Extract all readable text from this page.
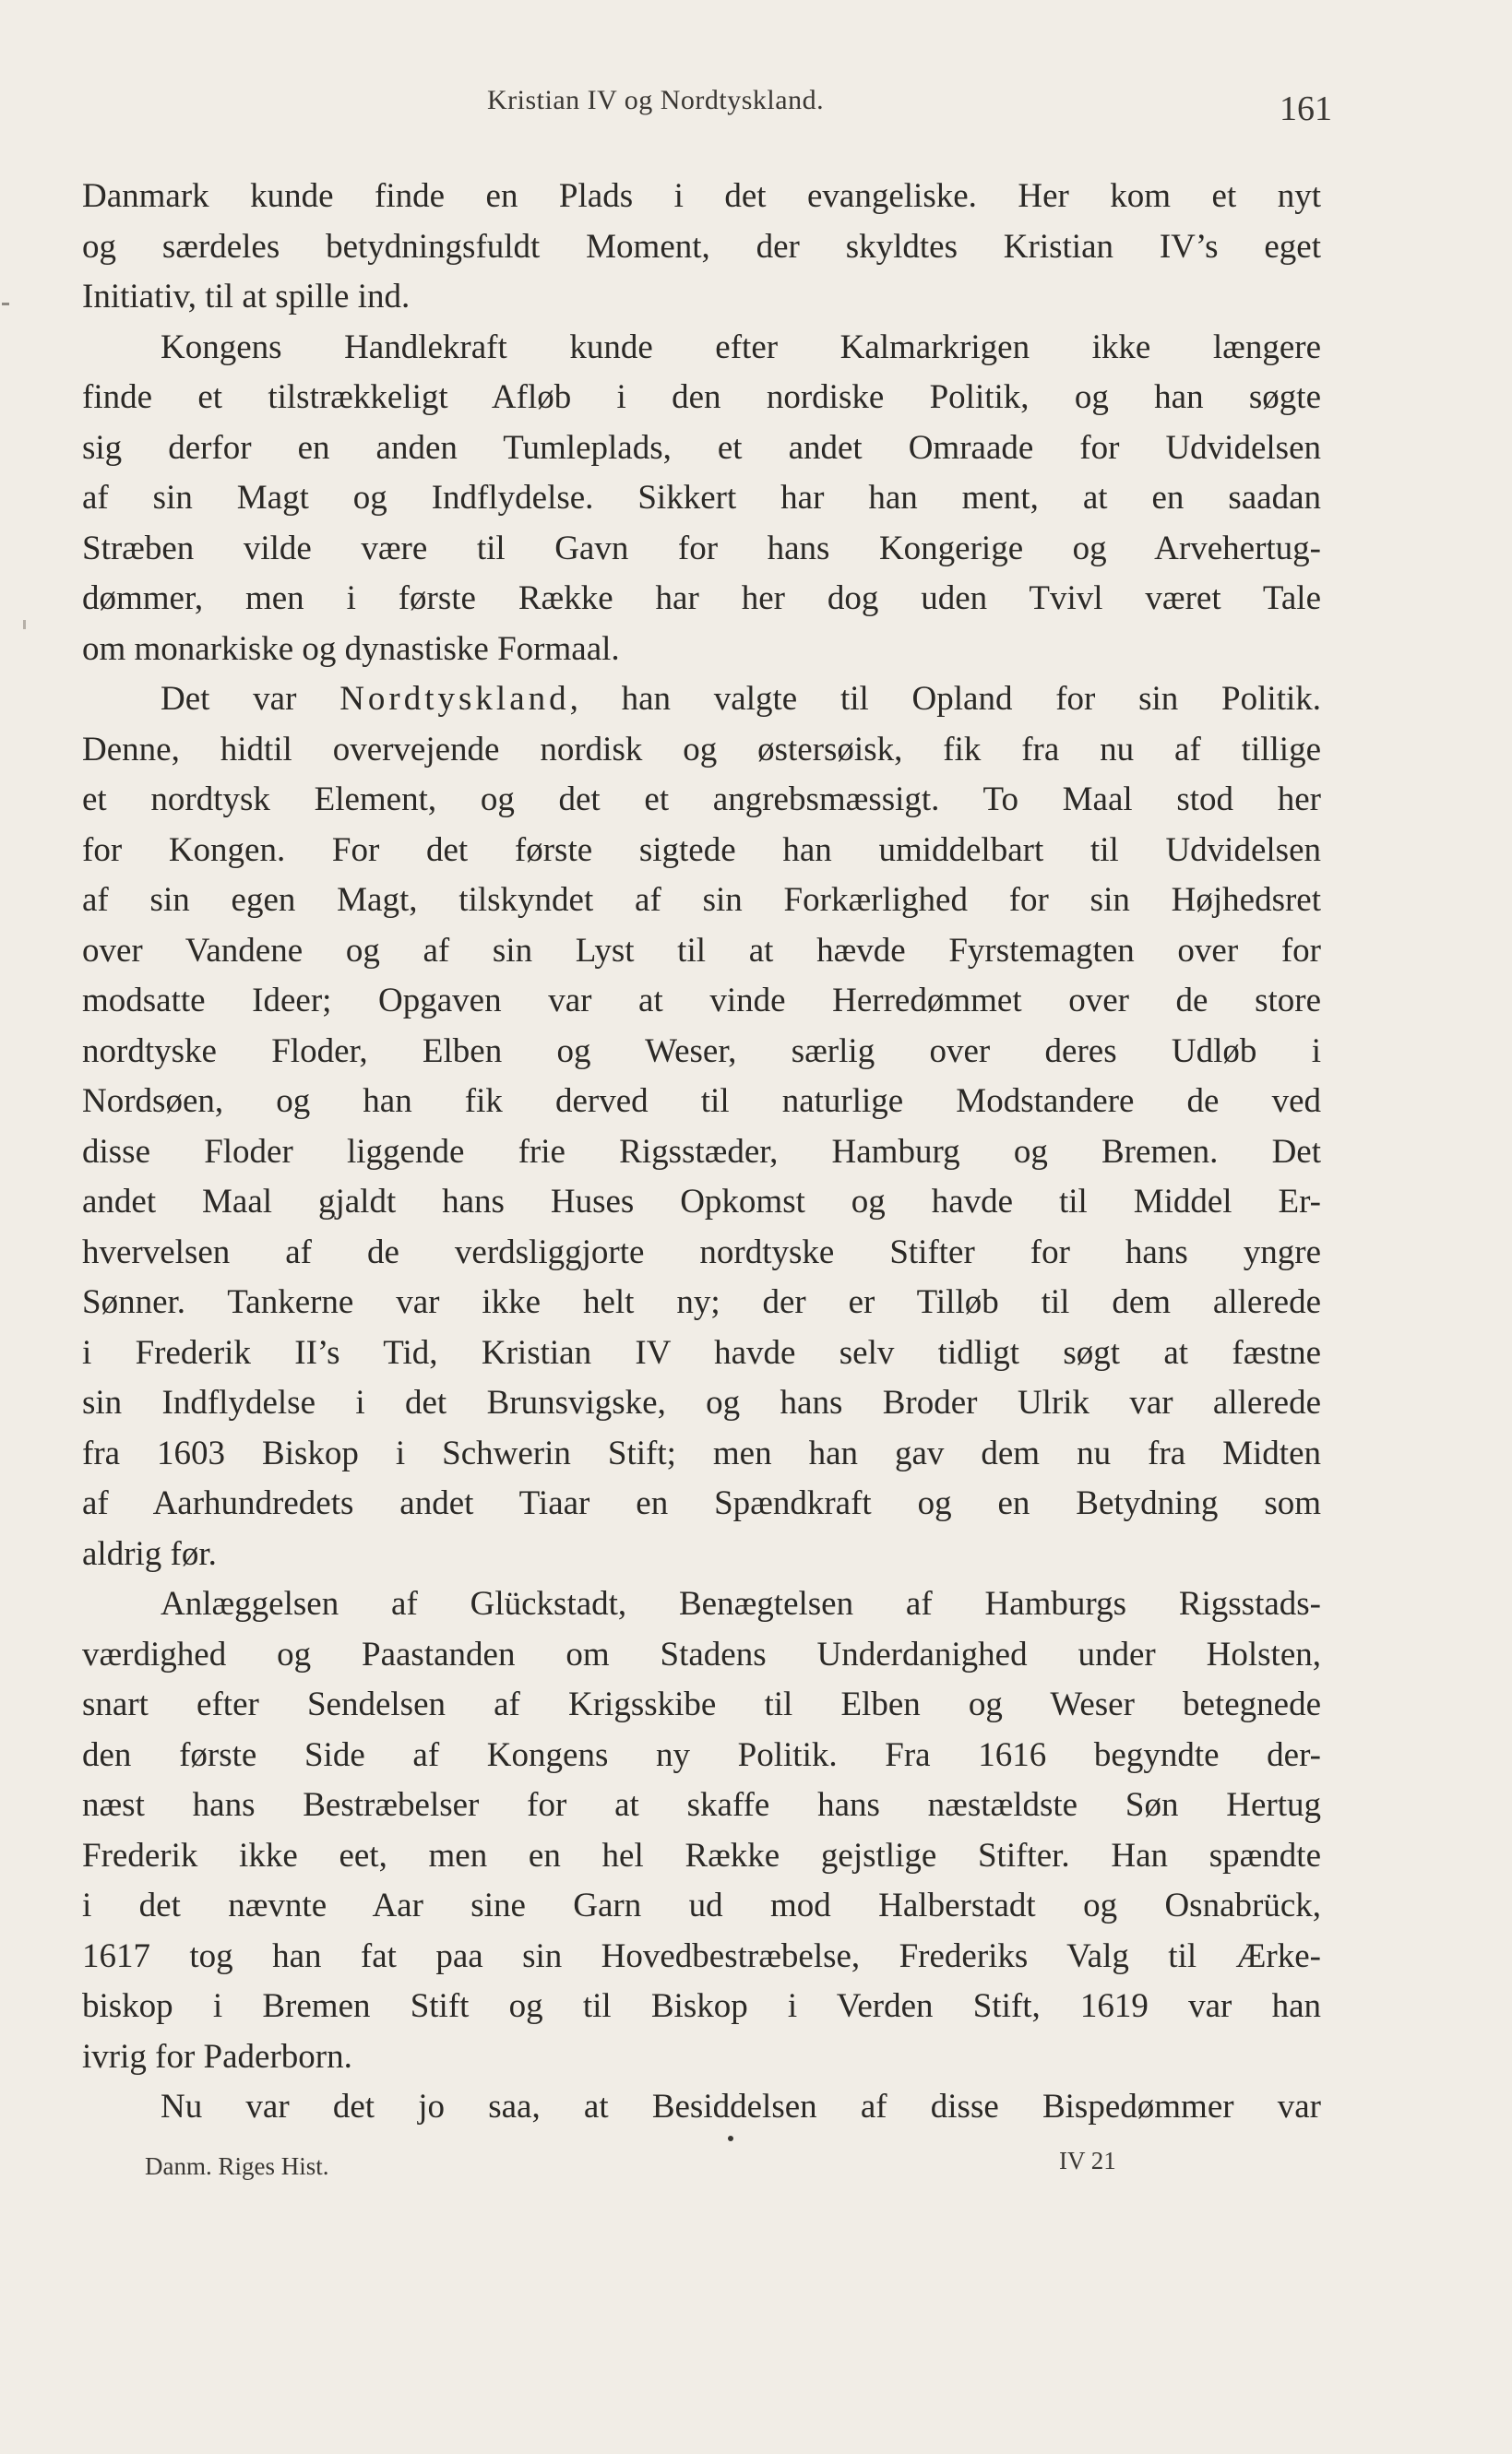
Kristian IV og Nordtyskland.	161
Danmark kunde finde en Plads i det evangeliske. Her kom et nyt
og særdeles betydningsfuldt Moment, der skyldtes Kristian IV’s eget
Initiativ, til at spille ind.
Kongens Handlekraft kunde efter Kalmarkrigen ikke længere
finde et tilstrækkeligt Afløb i den nordiske Politik, og han søgte
sig derfor en anden Tumleplads, et andet Omraade for Udvidelsen
af sin Magt og Indflydelse. Sikkert har han ment, at en saadan
Stræben vilde være til Gavn for hans Kongerige og Arvehertug-
dømmer, men i første Række har her dog uden Tvivl været Tale
om monarkiske og dynastiske Formaal.
Det var Nordtyskland, han valgte til Opland for sin Politik.
Denne, hidtil overvejende nordisk og østersøisk, fik fra nu af tillige
et nordtysk Element, og det et angrebsmæssigt. To Maal stod her
for Kongen. For det første sigtede han umiddelbart til Udvidelsen
af sin egen Magt, tilskyndet af sin Forkærlighed for sin Højhedsret
over Vandene og af sin Lyst til at hævde Fyrstemagten over for
modsatte Ideer; Opgaven var at vinde Herredømmet over de store
nordtyske Floder, Elben og Weser, særlig over deres Udløb i
Nordsøen, og han fik derved til naturlige Modstandere de ved
disse Floder liggende frie Rigsstæder, Hamburg og Bremen. Det
andet Maal gjaldt hans Huses Opkomst og havde til Middel Er-
hvervelsen af de verdsliggjorte nordtyske Stifter for hans yngre
Sønner. Tankerne var ikke helt ny; der er Tilløb til dem allerede
i Frederik II’s Tid, Kristian IV havde selv tidligt søgt at fæstne
sin Indflydelse i det Brunsvigske, og hans Broder Ulrik var allerede
fra 1603 Biskop i Schwerin Stift; men han gav dem nu fra Midten
af Aarhundredets andet Tiaar en Spændkraft og en Betydning som
aldrig før.
Anlæggelsen af Glückstadt, Benægtelsen af Hamburgs Rigsstads-
værdighed og Paastanden om Stadens Underdanighed under Holsten,
snart efter Sendelsen af Krigsskibe til Elben og Weser betegnede
den første Side af Kongens ny Politik. Fra 1616 begyndte der-
næst hans Bestræbelser for at skaffe hans næstældste Søn Hertug
Frederik ikke eet, men en hel Række gejstlige Stifter. Han spændte
i det nævnte Aar sine Garn ud mod Halberstadt og Osnabrück,
1617 tog han fat paa sin Hovedbestræbelse, Frederiks Valg til Ærke-
biskop i Bremen Stift og til Biskop i Verden Stift, 1619 var han
ivrig for Paderborn.
Nu var det jo saa, at Besiddelsen af disse Bispedømmer var
Danm. Riges Hist.	IV 21
